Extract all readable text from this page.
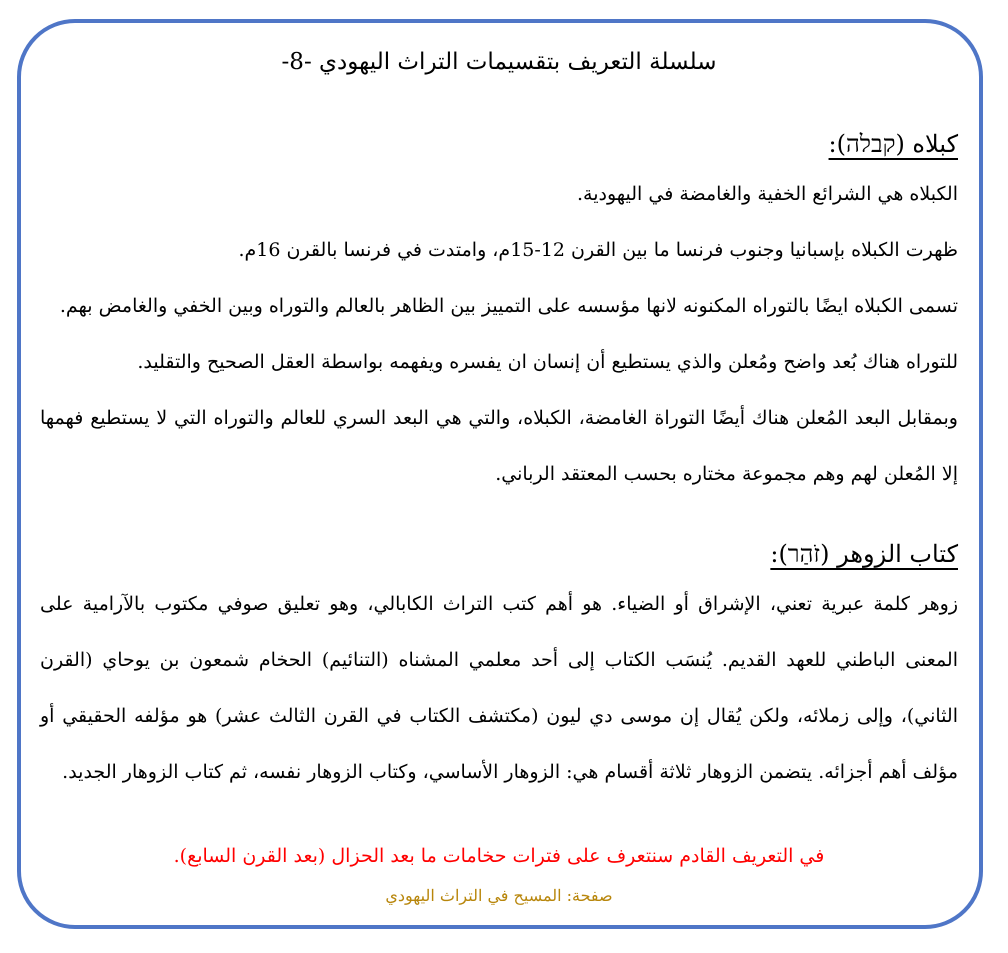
سلسلة التعريف بتقسيمات التراث اليهودي -8-
كبلاه (קבלה):

الكبلاه هي الشرائع الخفية والغامضة في اليهودية.

ظهرت الكبلاه بإسبانيا وجنوب فرنسا ما بين القرن 12-15م، وامتدت في فرنسا بالقرن 16م.

تسمى الكبلاه ايضًا بالتوراه المكنونه لانها مؤسسه على التمييز بين الظاهر بالعالم والتوراه وبين الخفي والغامض بهم.

للتوراه هناك بُعد واضح ومُعلن والذي يستطيع أن إنسان ان يفسره ويفهمه بواسطة العقل الصحيح والتقليد.

وبمقابل البعد المُعلن هناك أيضًا التوراة الغامضة، الكبلاه، والتي هي البعد السري للعالم والتوراه التي لا يستطيع فهمها إلا المُعلن لهم وهم مجموعة مختاره بحسب المعتقد الرباني.

كتاب الزوهر (זֹהַר):

زوهر كلمة عبرية تعني، الإشراق أو الضياء. هو أهم كتب التراث الكابالي، وهو تعليق صوفي مكتوب بالآرامية على المعنى الباطني للعهد القديم. يُنسَب الكتاب إلى أحد معلمي المشناه (التنائيم) الحخام شمعون بن يوحاي (القرن الثاني)، وإلى زملائه، ولكن يُقال إن موسى دي ليون (مكتشف الكتاب في القرن الثالث عشر) هو مؤلفه الحقيقي أو مؤلف أهم أجزائه. يتضمن الزوهار ثلاثة أقسام هي: الزوهار الأساسي، وكتاب الزوهار نفسه، ثم كتاب الزوهار الجديد.

في التعريف القادم سنتعرف على فترات حخامات ما بعد الحزال (بعد القرن السابع).
صفحة: المسيح في التراث اليهودي
